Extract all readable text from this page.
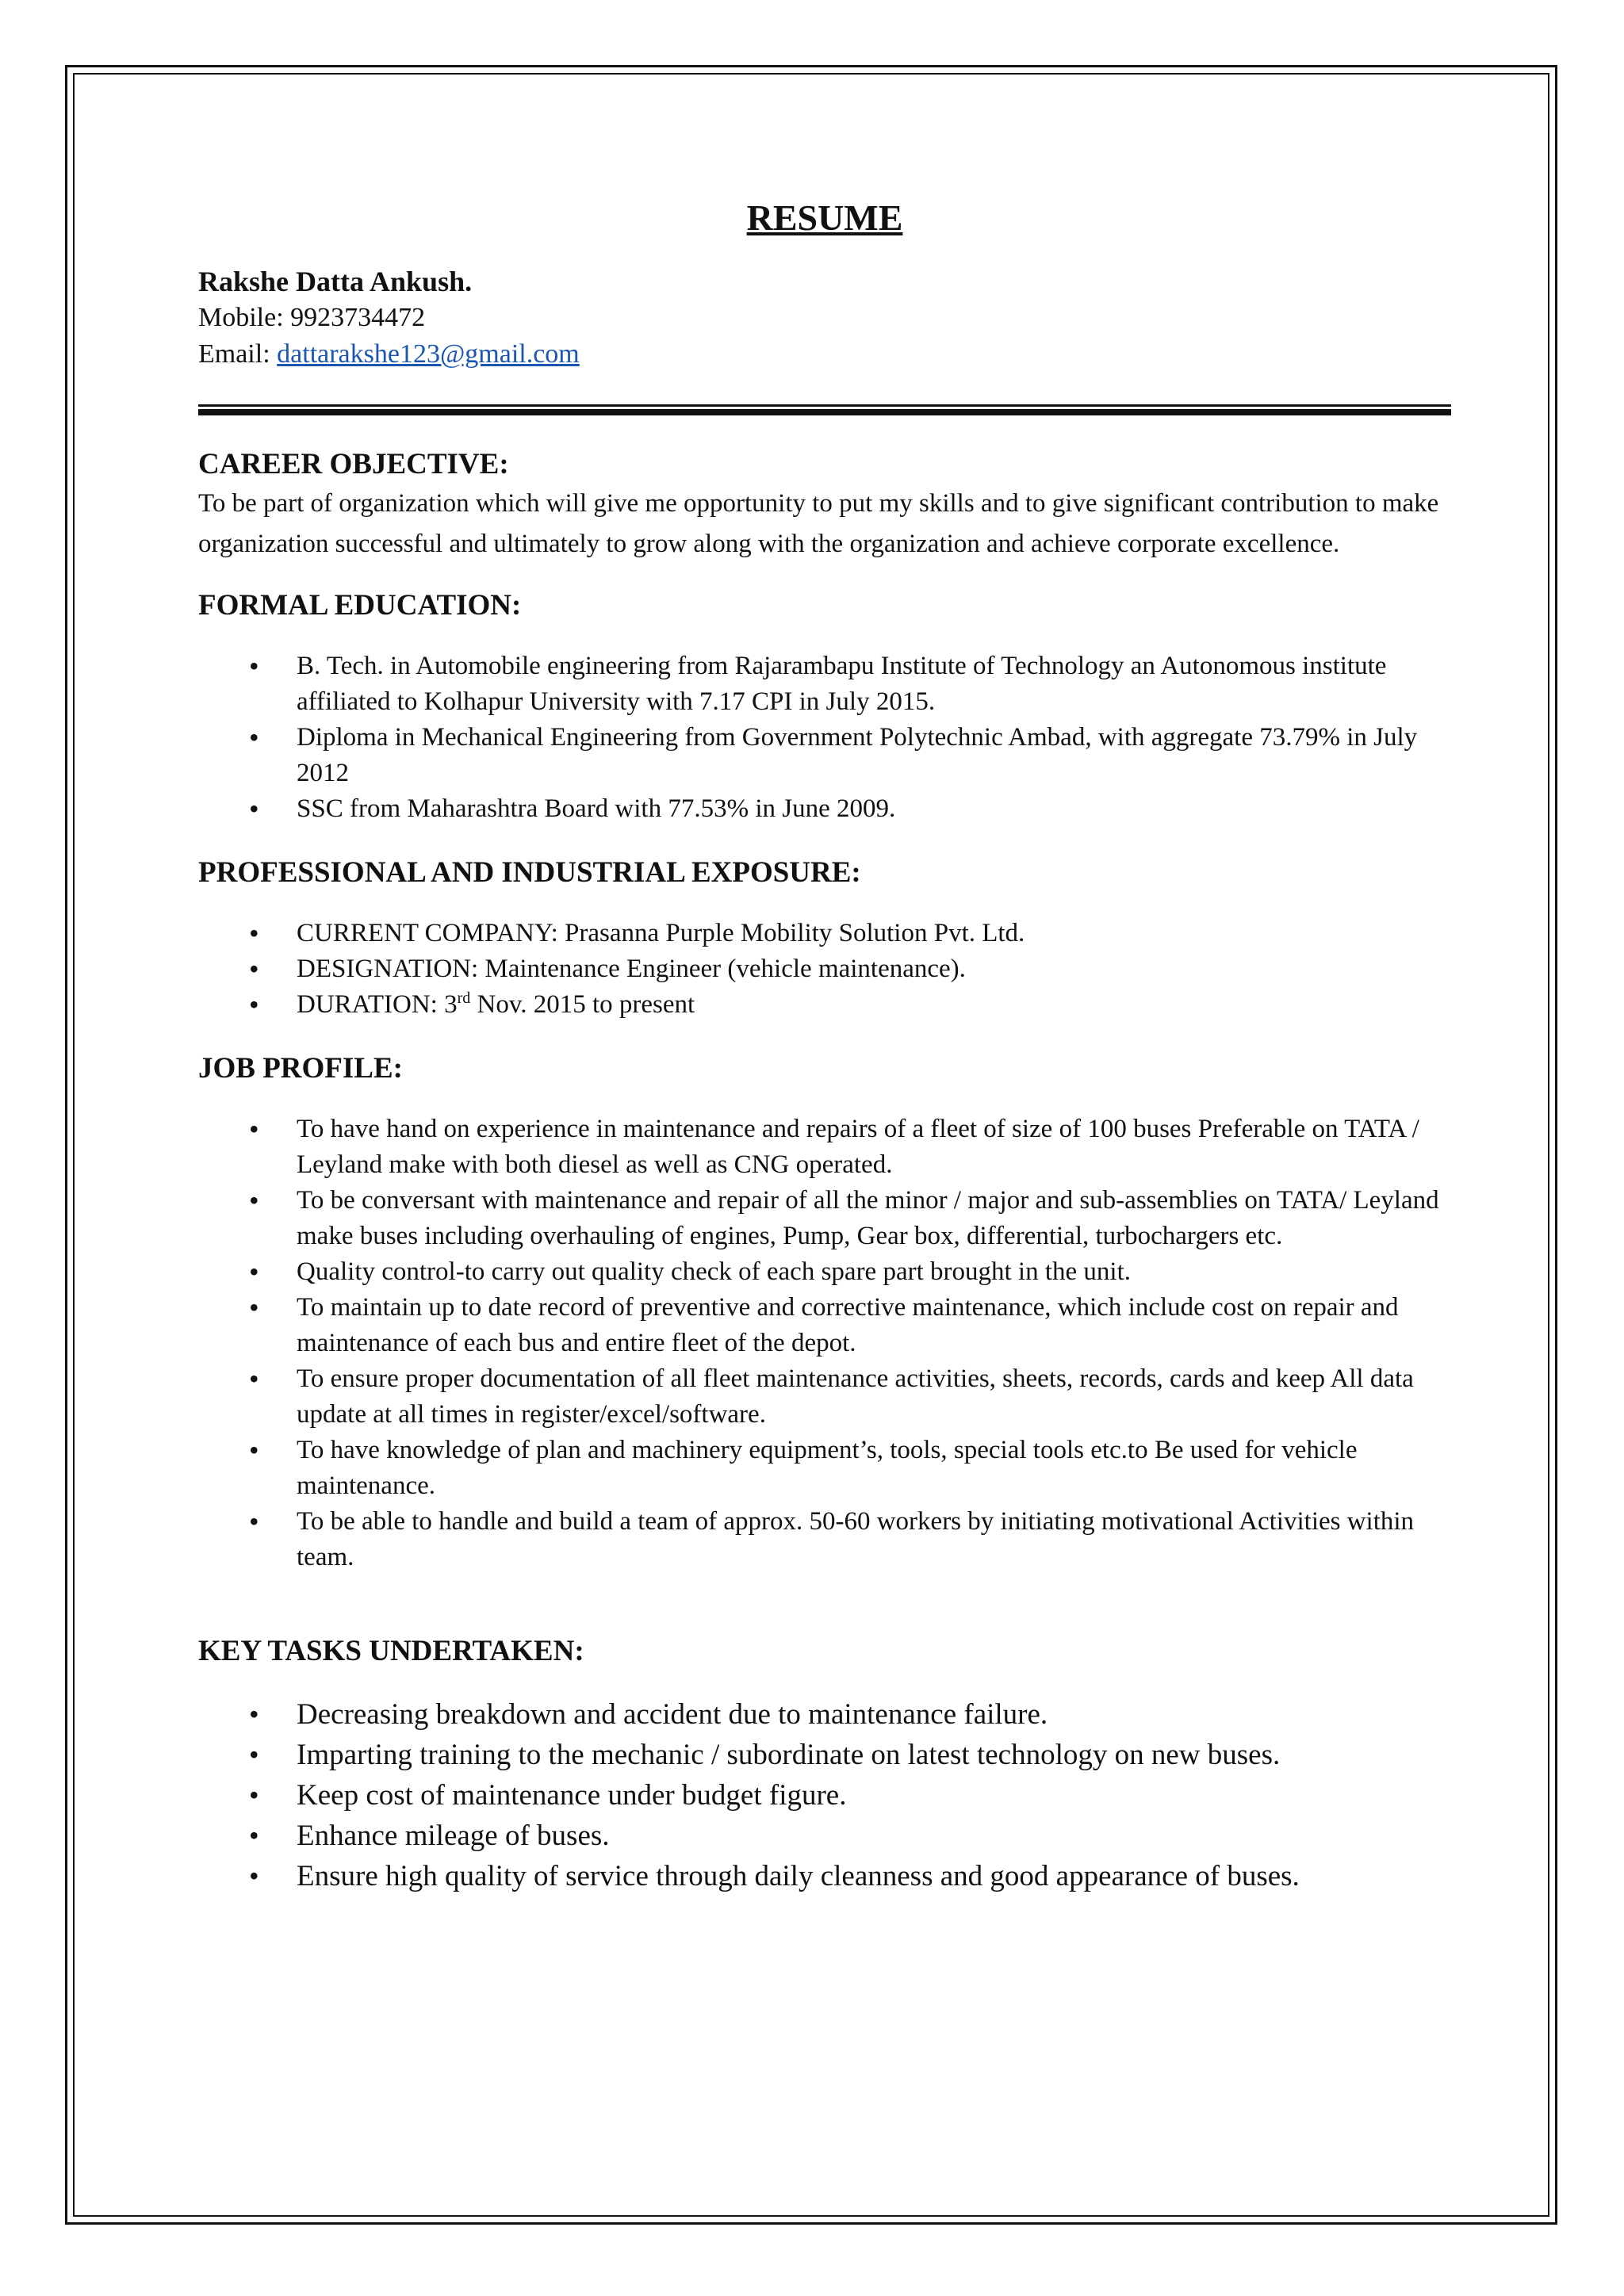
RESUME
Rakshe Datta Ankush.
Mobile: 9923734472
Email: dattarakshe123@gmail.com
CAREER OBJECTIVE:

To be part of organization which will give me opportunity to put my skills and to give significant contribution to make organization successful and ultimately to grow along with the organization and achieve corporate excellence.

FORMAL EDUCATION:
• B. Tech. in Automobile engineering from Rajarambapu Institute of Technology an Autonomous institute affiliated to Kolhapur University with 7.17 CPI in July 2015.
• Diploma in Mechanical Engineering from Government Polytechnic Ambad, with aggregate 73.79% in July 2012
• SSC from Maharashtra Board with 77.53% in June 2009.
PROFESSIONAL AND INDUSTRIAL EXPOSURE:
• CURRENT COMPANY: Prasanna Purple Mobility Solution Pvt. Ltd.
• DESIGNATION: Maintenance Engineer (vehicle maintenance).
• DURATION: 3rd Nov. 2015 to present
JOB PROFILE:
• To have hand on experience in maintenance and repairs of a fleet of size of 100 buses Preferable on TATA / Leyland make with both diesel as well as CNG operated.
• To be conversant with maintenance and repair of all the minor / major and sub-assemblies on TATA/ Leyland make buses including overhauling of engines, Pump, Gear box, differential, turbochargers etc.
• Quality control-to carry out quality check of each spare part brought in the unit.
• To maintain up to date record of preventive and corrective maintenance, which include cost on repair and maintenance of each bus and entire fleet of the depot.
• To ensure proper documentation of all fleet maintenance activities, sheets, records, cards and keep All data update at all times in register/excel/software.
• To have knowledge of plan and machinery equipment’s, tools, special tools etc.to Be used for vehicle maintenance.
• To be able to handle and build a team of approx. 50-60 workers by initiating motivational Activities within team.
KEY TASKS UNDERTAKEN:
• Decreasing breakdown and accident due to maintenance failure.
• Imparting training to the mechanic / subordinate on latest technology on new buses.
• Keep cost of maintenance under budget figure.
• Enhance mileage of buses.
• Ensure high quality of service through daily cleanness and good appearance of buses.
